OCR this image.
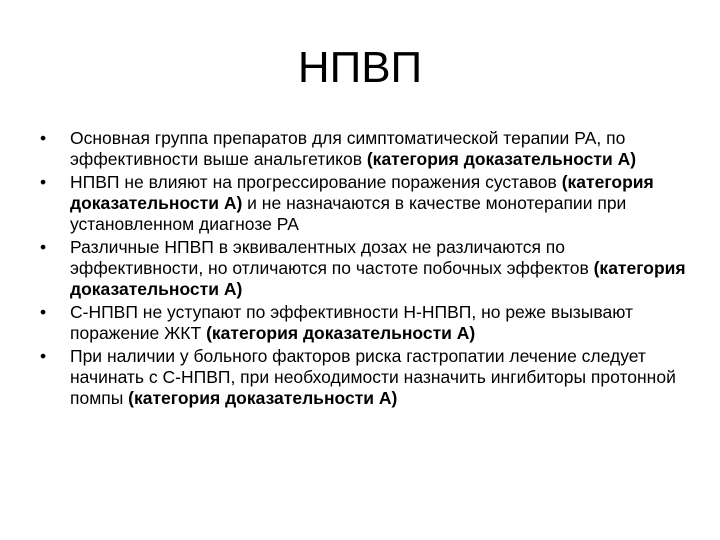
НПВП
•	Основная группа препаратов для симптоматической терапии РА, по эффективности выше анальгетиков (категория доказательности А)
•	НПВП не влияют на прогрессирование поражения суставов (категория доказательности А) и не назначаются в качестве монотерапии при установленном диагнозе РА
•	Различные НПВП в эквивалентных дозах не различаются по эффективности, но отличаются по частоте побочных эффектов (категория доказательности А)
•	С-НПВП не уступают по эффективности Н-НПВП, но реже вызывают поражение ЖКТ (категория доказательности А)
•	При наличии у больного факторов риска гастропатии лечение следует начинать с С-НПВП, при необходимости назначить ингибиторы протонной помпы (категория доказательности А)
